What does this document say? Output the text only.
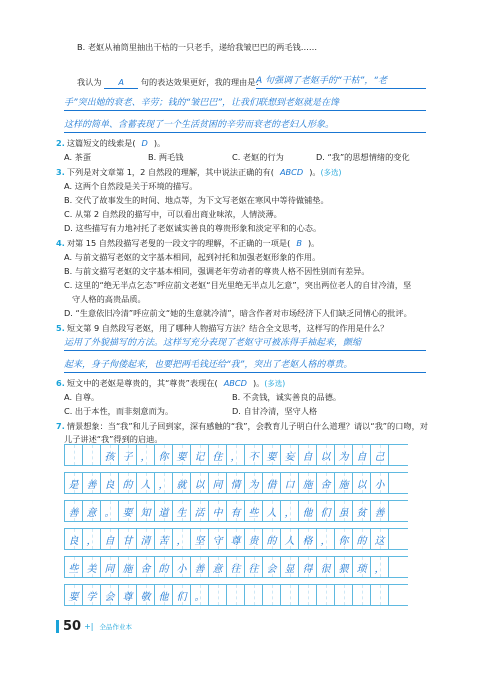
B. 老妪从袖筒里抽出干枯的一只老手，递给我皱巴巴的两毛钱……
我认为 A 句的表达效果更好，我的理由是：
A 句强调了老妪手的“干枯”，“老
手”突出她的衰老、辛劳；钱的“皱巴巴”，让我们联想到老妪就是在馋
这样的简单、含蓄表现了一个生活贫困的辛劳而衰老的老妇人形象。
2. 这篇短文的线索是( D )。
A. 茶蛋	B. 两毛钱	C. 老妪的行为	D. “我”的思想情绪的变化
3. 下列是对文章第 1，2 自然段的理解，其中说法正确的有( ABCD )。(多选)
A. 这两个自然段是关于环境的描写。
B. 交代了故事发生的时间、地点等，为下文写老妪在寒风中等待做铺垫。
C. 从第 2 自然段的描写中，可以看出商业味浓，人情淡薄。
D. 这些描写有力地衬托了老妪诚实善良的尊贵形象和淡定平和的心态。
4. 对第 15 自然段描写老叟的一段文字的理解，不正确的一项是( B )。
A. 与前文描写老妪的文字基本相同，起到衬托和加强老妪形象的作用。
B. 与前文描写老妪的文字基本相同，强调老年劳动者的尊贵人格不因性别而有差异。
C. 这里的“绝无半点乞态”呼应前文老妪“目光里绝无半点儿乞意”，突出两位老人的自甘冷清，坚
守人格的高贵品质。
D. “生意依旧冷清”呼应前文“她的生意就冷清”，暗含作者对市场经济下人们缺乏同情心的批评。
5. 短文第 9 自然段写老妪，用了哪种人物描写方法？结合全文思考，这样写的作用是什么？
运用了外貌描写的方法。这样写充分表现了老妪守可被冻得手袖起来，颤缩
起来，身子佝偻起来，也要把两毛钱还给“我”，突出了老妪人格的尊贵。
6. 短文中的老妪是尊贵的，其“尊贵”表现在( ABCD )。(多选)
A. 自尊。	B. 不贪钱，诚实善良的品德。
C. 出于本性，而非刻意而为。	D. 自甘冷清，坚守人格
7. 情景想象：当“我”和儿子回到家，深有感触的“我”，会教育儿子明白什么道理？请以“我”的口吻，对
儿子讲述“我”得到的启迪。
孩 子 ， 你 要 记 住 ， 不 要 妄 自 以 为 自 己
是 善 良 的 人 ， 就 以 同 情 为 借 口 施 舍 施 以 小
善 意 。 要 知 道 生 活 中 有 些 人 ， 他 们 虽 贫 善
良 ， 自 甘 清 苦 ， 坚 守 尊 贵 的 人 格 ， 你 的 这
些 美 同 施 舍 的 小 善 意 往 往 会 显 得 很 猥 琐 ，
要 学 会 尊 敬 他 们 。
50 +| 全品作业本
